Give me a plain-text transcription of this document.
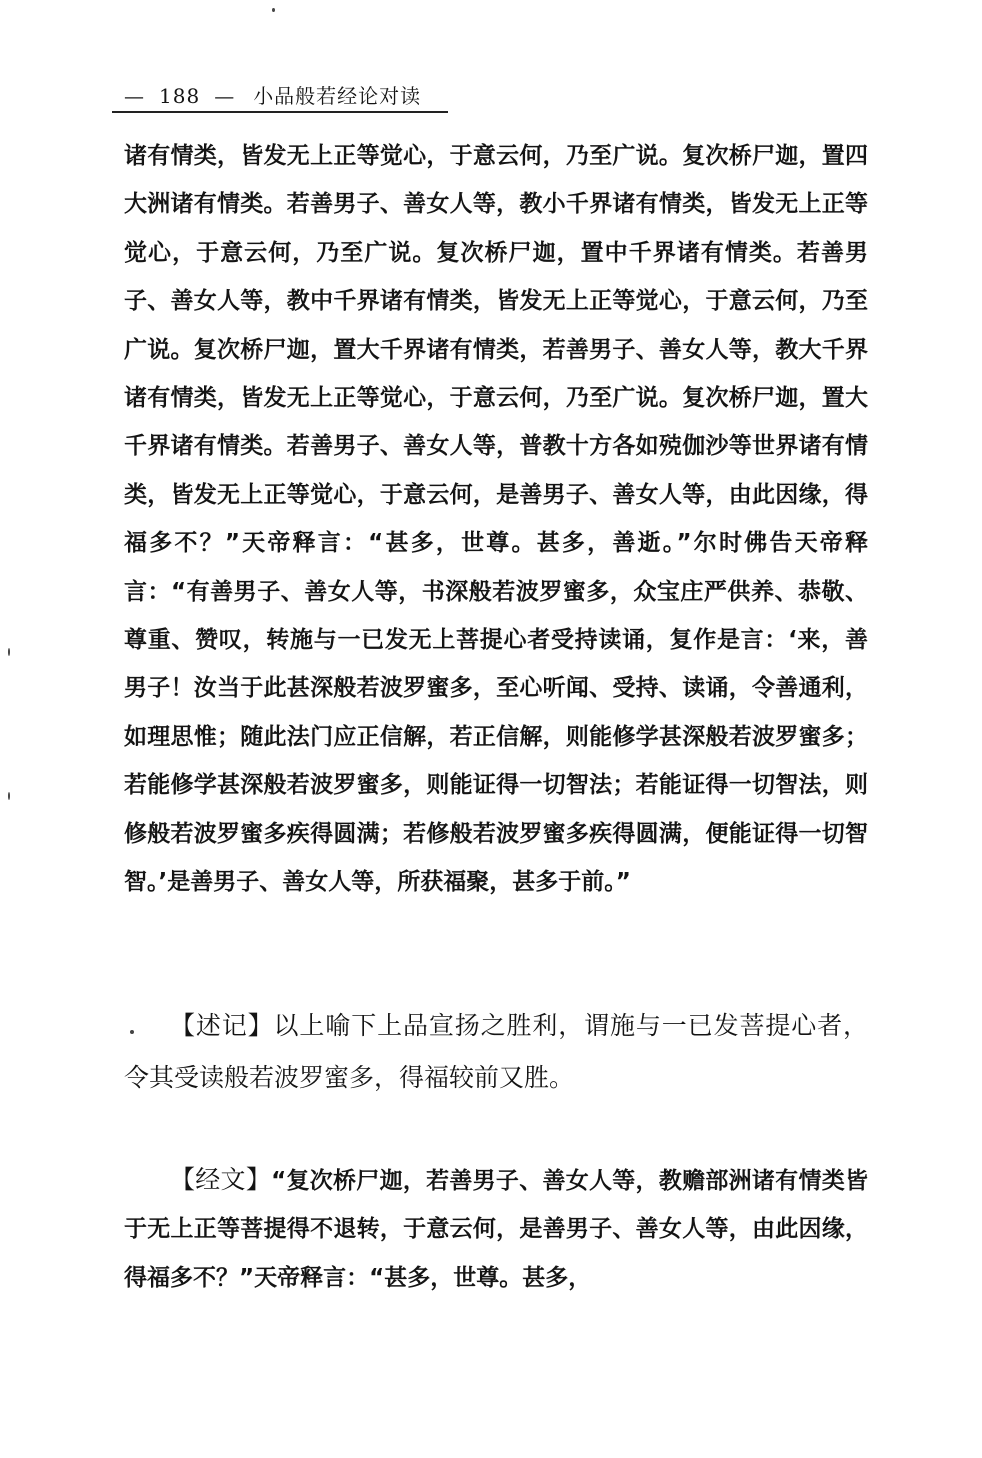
— 188 — 小品般若经论对读

诸有情类，皆发无上正等觉心，于意云何，乃至广说。复次桥尸迦，置四大洲诸有情类。若善男子、善女人等，教小千界诸有情类，皆发无上正等觉心，于意云何，乃至广说。复次桥尸迦，置中千界诸有情类。若善男子、善女人等，教中千界诸有情类，皆发无上正等觉心，于意云何，乃至广说。复次桥尸迦，置大千界诸有情类，若善男子、善女人等，教大千界诸有情类，皆发无上正等觉心，于意云何，乃至广说。复次桥尸迦，置大千界诸有情类。若善男子、善女人等，普教十方各如殑伽沙等世界诸有情类，皆发无上正等觉心，于意云何，是善男子、善女人等，由此因缘，得福多不？”天帝释言：“甚多，世尊。甚多，善逝。”尔时佛告天帝释言：“有善男子、善女人等，书深般若波罗蜜多，众宝庄严供养、恭敬、尊重、赞叹，转施与一已发无上菩提心者受持读诵，复作是言：‘来，善男子！汝当于此甚深般若波罗蜜多，至心听闻、受持、读诵，令善通利，如理思惟；随此法门应正信解，若正信解，则能修学甚深般若波罗蜜多；若能修学甚深般若波罗蜜多，则能证得一切智法；若能证得一切智法，则修般若波罗蜜多疾得圆满；若修般若波罗蜜多疾得圆满，便能证得一切智智。’是善男子、善女人等，所获福聚，甚多于前。”

【述记】以上喻下上品宣扬之胜利，谓施与一已发菩提心者，令其受读般若波罗蜜多，得福较前又胜。

【经文】“复次桥尸迦，若善男子、善女人等，教赡部洲诸有情类皆于无上正等菩提得不退转，于意云何，是善男子、善女人等，由此因缘，得福多不？”天帝释言：“甚多，世尊。甚多，
